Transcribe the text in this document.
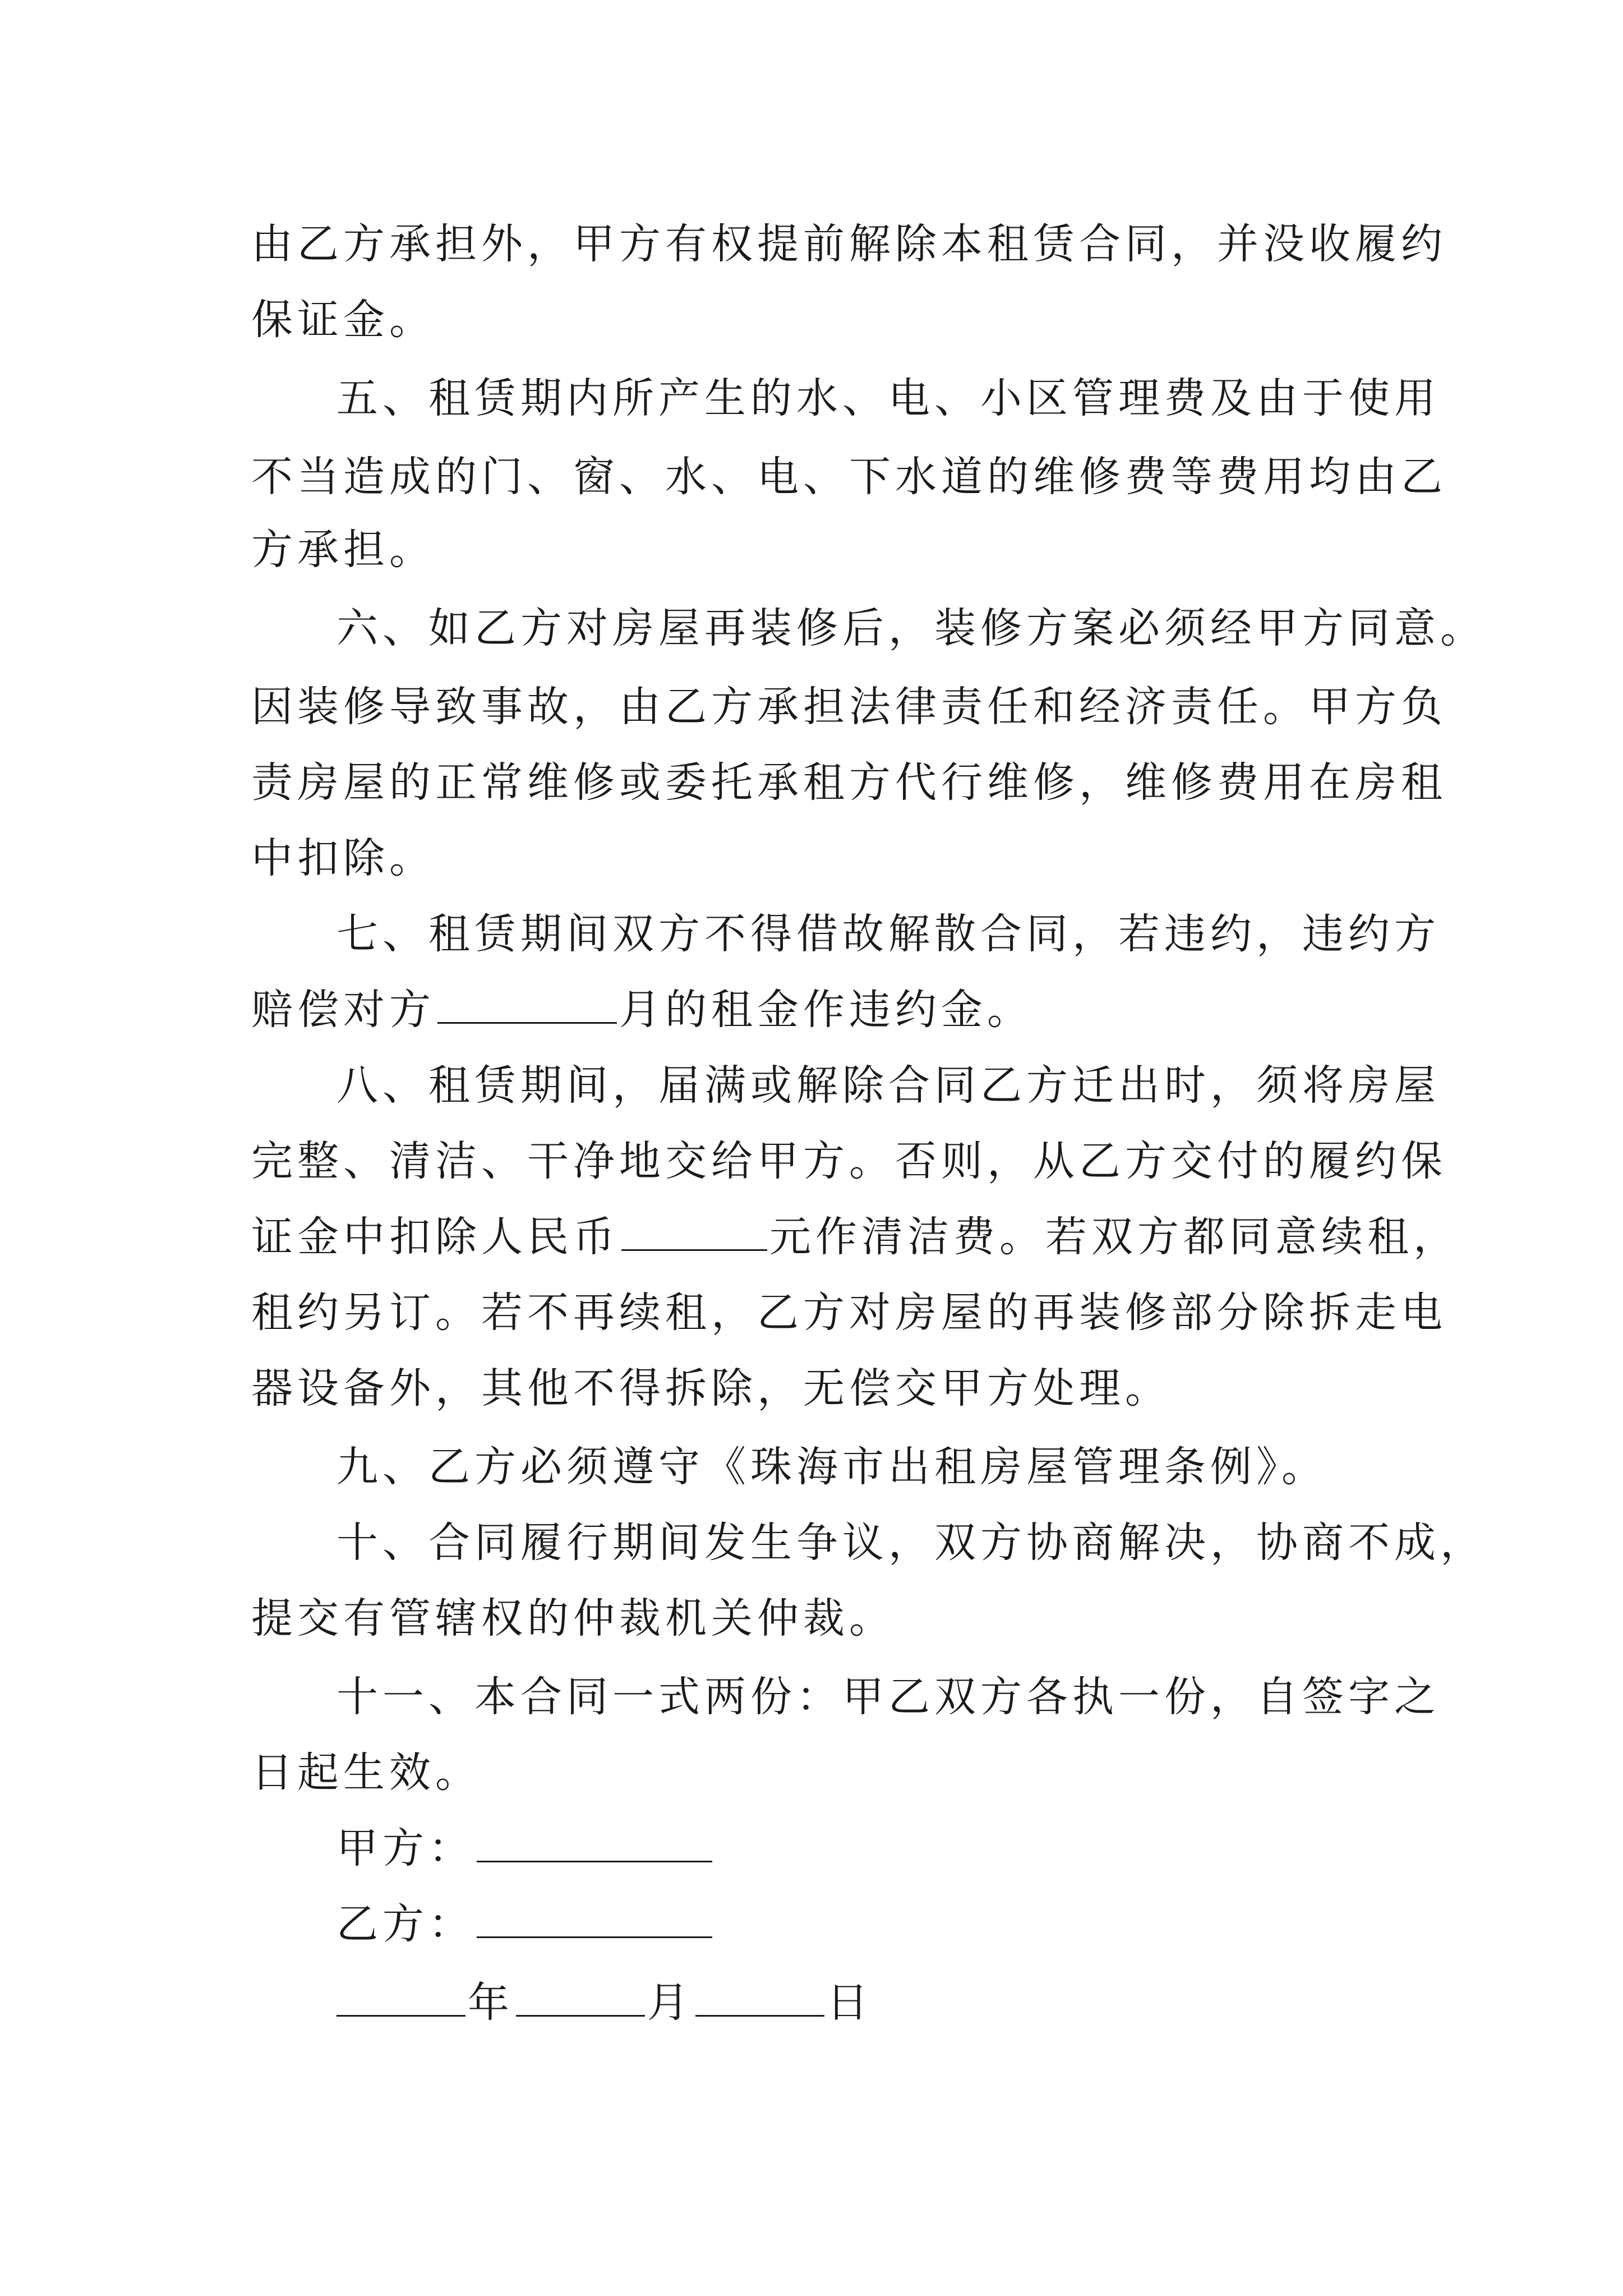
由乙方承担外，甲方有权提前解除本租赁合同，并没收履约
保证金。
五、租赁期内所产生的水、电、小区管理费及由于使用
不当造成的门、窗、水、电、下水道的维修费等费用均由乙
方承担。
六、如乙方对房屋再装修后，装修方案必须经甲方同意。
因装修导致事故，由乙方承担法律责任和经济责任。甲方负
责房屋的正常维修或委托承租方代行维修，维修费用在房租
中扣除。
七、租赁期间双方不得借故解散合同，若违约，违约方
赔偿对方	月的租金作违约金。
八、租赁期间，届满或解除合同乙方迁出时，须将房屋
完整、清洁、干净地交给甲方。否则，从乙方交付的履约保
证金中扣除人民币	元作清洁费。若双方都同意续租，
租约另订。若不再续租，乙方对房屋的再装修部分除拆走电
器设备外，其他不得拆除，无偿交甲方处理。
九、乙方必须遵守《珠海市出租房屋管理条例》。
十、合同履行期间发生争议，双方协商解决，协商不成，
提交有管辖权的仲裁机关仲裁。
十一、本合同一式两份：甲乙双方各执一份，自签字之
日起生效。
甲方：
乙方：
年	月	日
